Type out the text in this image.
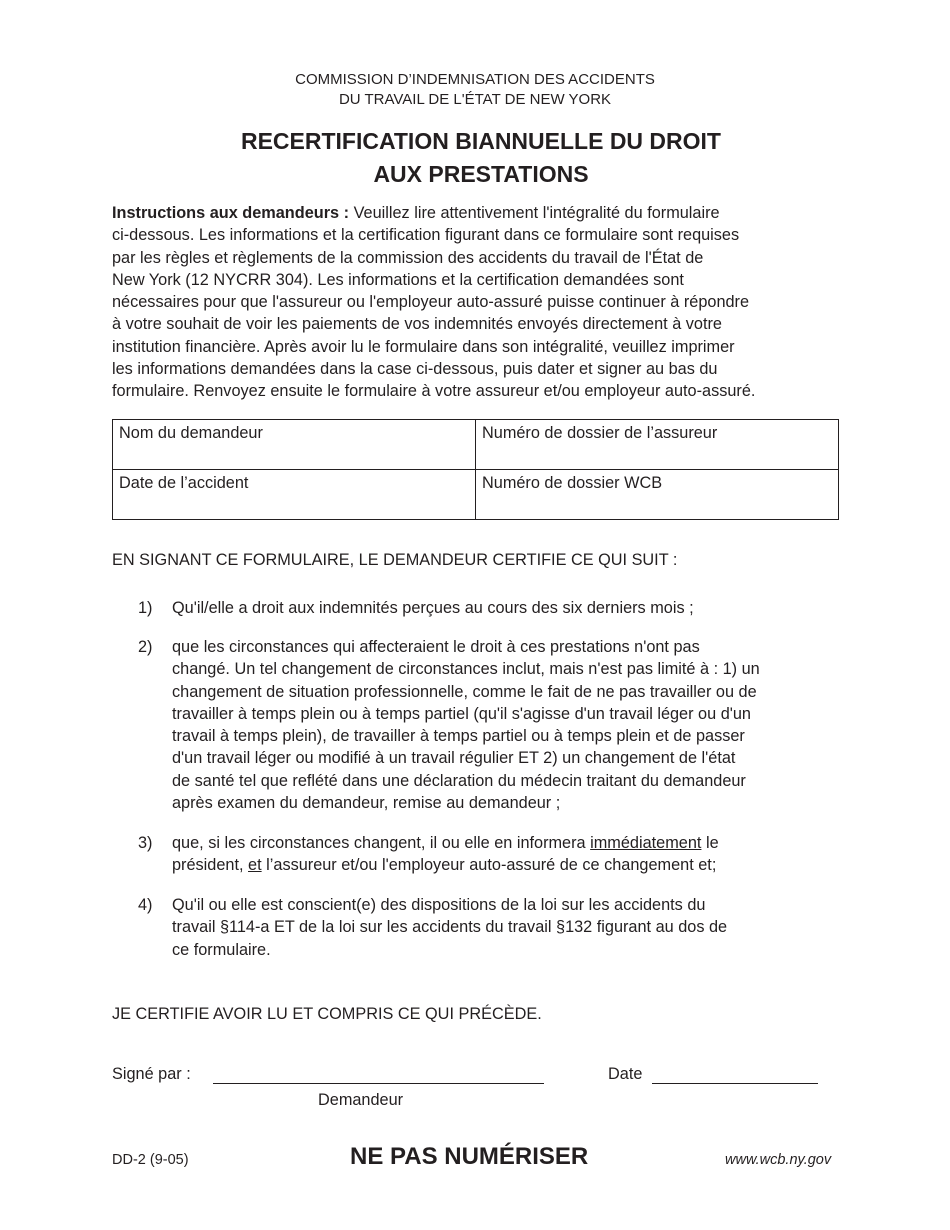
COMMISSION D’INDEMNISATION DES ACCIDENTS
DU TRAVAIL DE L'ÉTAT DE NEW YORK
RECERTIFICATION BIANNUELLE DU DROIT
AUX PRESTATIONS
Instructions aux demandeurs : Veuillez lire attentivement l'intégralité du formulaire
ci-dessous. Les informations et la certification figurant dans ce formulaire sont requises
par les règles et règlements de la commission des accidents du travail de l'État de
New York (12 NYCRR 304). Les informations et la certification demandées sont
nécessaires pour que l'assureur ou l'employeur auto-assuré puisse continuer à répondre
à votre souhait de voir les paiements de vos indemnités envoyés directement à votre
institution financière. Après avoir lu le formulaire dans son intégralité, veuillez imprimer
les informations demandées dans la case ci-dessous, puis dater et signer au bas du
formulaire. Renvoyez ensuite le formulaire à votre assureur et/ou employeur auto-assuré.
Nom du demandeur	Numéro de dossier de l’assureur
Date de l’accident	Numéro de dossier WCB
EN SIGNANT CE FORMULAIRE, LE DEMANDEUR CERTIFIE CE QUI SUIT :
1) Qu'il/elle a droit aux indemnités perçues au cours des six derniers mois ;
2) que les circonstances qui affecteraient le droit à ces prestations n'ont pas
changé. Un tel changement de circonstances inclut, mais n'est pas limité à : 1) un
changement de situation professionnelle, comme le fait de ne pas travailler ou de
travailler à temps plein ou à temps partiel (qu'il s'agisse d'un travail léger ou d'un
travail à temps plein), de travailler à temps partiel ou à temps plein et de passer
d'un travail léger ou modifié à un travail régulier ET 2) un changement de l'état
de santé tel que reflété dans une déclaration du médecin traitant du demandeur
après examen du demandeur, remise au demandeur ;
3) que, si les circonstances changent, il ou elle en informera immédiatement le
président, et l’assureur et/ou l'employeur auto-assuré de ce changement et;
4) Qu'il ou elle est conscient(e) des dispositions de la loi sur les accidents du
travail §114-a ET de la loi sur les accidents du travail §132 figurant au dos de
ce formulaire.
JE CERTIFIE AVOIR LU ET COMPRIS CE QUI PRÉCÈDE.
Signé par :	Date
Demandeur
DD-2 (9-05)	NE PAS NUMÉRISER	www.wcb.ny.gov
